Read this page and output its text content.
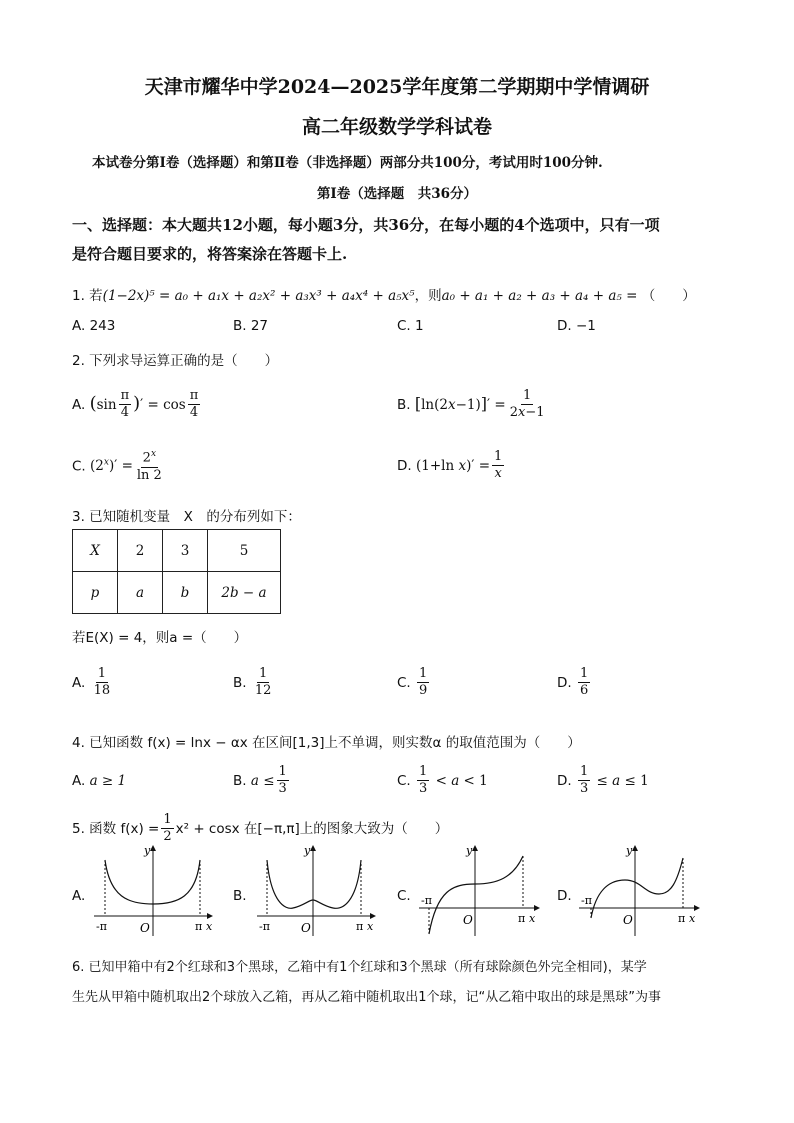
天津市耀华中学2024—2025学年度第二学期期中学情调研
高二年级数学学科试卷
本试卷分第Ⅰ卷（选择题）和第Ⅱ卷（非选择题）两部分共100分，考试用时100分钟.
第Ⅰ卷（选择题　共36分）
一、选择题：本大题共12小题，每小题3分，共36分，在每小题的4个选项中，只有一项
是符合题目要求的，将答案涂在答题卡上.
1. 若(1−2x)⁵ = a₀ + a₁x + a₂x² + a₃x³ + a₄x⁴ + a₅x⁵，则a₀ + a₁ + a₂ + a₃ + a₄ + a₅ = （　　）
A. 243	B. 27	C. 1	D. −1
2. 下列求导运算正确的是（　　）
A. ($\sin \frac{\pi}{4}$ )′ = $\cos \frac{\pi}{4}$	B. $[\ln(2x-1)]' = \frac{1}{2x-1}$
C. $(2^x)' = \frac{2^x}{\ln 2}$	D. (1+ln $x)' = \frac{1}{x}$
3. 已知随机变量　X　的分布列如下：
X	2	3	5
p	a	b	2b − a
若E(X) = 4，则a =（　　）
A. $\frac{1}{18}$	B. $\frac{1}{12}$	C. $\frac{1}{9}$	D. $\frac{1}{6}$
4. 已知函数 f(x) = lnx − αx 在区间[1,3]上不单调，则实数α 的取值范围为（　　）
A. a ≥ 1	B. $a \le \frac{1}{3}$	C. $\frac{1}{3} < a < 1$	D. $\frac{1}{3} \le a \le 1$
5. 函数 $f(x) = \frac{1}{2} x^2 + \cos x$ 在[−π,π]上的图象大致为（　　）
A.	B.	C.	D.
y
-π	O	π x
y
-π	O	π x
y
-π
O	π x
y
-π
O	π x
6. 已知甲箱中有2个红球和3个黑球，乙箱中有1个红球和3个黑球（所有球除颜色外完全相同)，某学
生先从甲箱中随机取出2个球放入乙箱，再从乙箱中随机取出1个球，记“从乙箱中取出的球是黑球”为事
